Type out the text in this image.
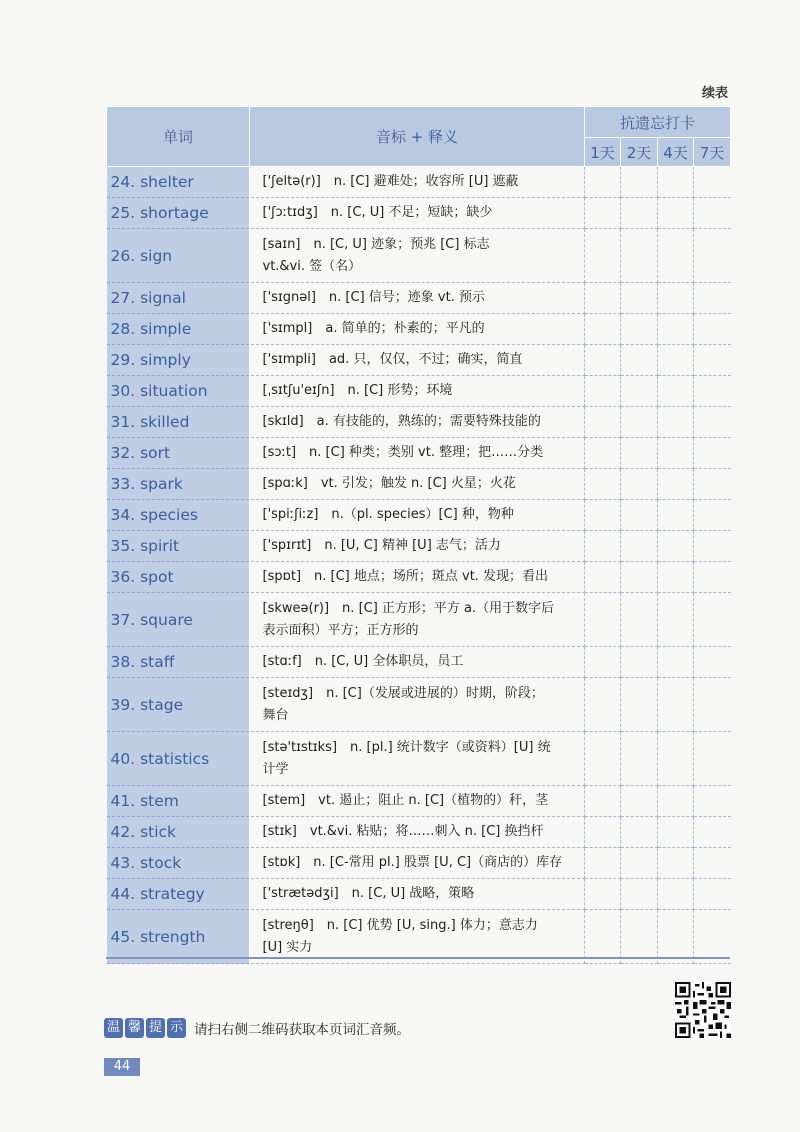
续表
单词	音标 + 释义	抗遗忘打卡			
		1天	2天	4天	7天
24. shelter	['ʃeltə(r)]　n. [C] 避难处；收容所 [U] 遮蔽				

25. shortage	['ʃɔːtɪdʒ]　n. [C, U] 不足；短缺；缺少				

26. sign	[saɪn]　n. [C, U] 迹象；预兆 [C] 标志
vt.&vi. 签（名）				

27. signal	['sɪgnəl]　n. [C] 信号；迹象 vt. 预示				

28. simple	['sɪmpl]　a. 简单的；朴素的；平凡的				

29. simply	['sɪmpli]　ad. 只，仅仅，不过；确实，简直				

30. situation	[ˌsɪtʃu'eɪʃn]　n. [C] 形势；环境				

31. skilled	[skɪld]　a. 有技能的，熟练的；需要特殊技能的				

32. sort	[sɔːt]　n. [C] 种类；类别 vt. 整理；把……分类				

33. spark	[spɑːk]　vt. 引发；触发 n. [C] 火星；火花				

34. species	['spiːʃiːz]　n.（pl. species）[C] 种，物种				

35. spirit	['spɪrɪt]　n. [U, C] 精神 [U] 志气；活力				

36. spot	[spɒt]　n. [C] 地点；场所；斑点 vt. 发现；看出				

37. square	[skweə(r)]　n. [C] 正方形；平方 a.（用于数字后
表示面积）平方；正方形的				

38. staff	[stɑːf]　n. [C, U] 全体职员，员工				

39. stage	[steɪdʒ]　n. [C]（发展或进展的）时期，阶段；
舞台				

40. statistics	[stə'tɪstɪks]　n. [pl.] 统计数字（或资料）[U] 统
计学				

41. stem	[stem]　vt. 遏止；阻止 n. [C]（植物的）秆，茎				

42. stick	[stɪk]　vt.&vi. 粘贴；将……刺入 n. [C] 换挡杆				

43. stock	[stɒk]　n. [C-常用 pl.] 股票 [U, C]（商店的）库存				

44. strategy	['strætədʒi]　n. [C, U] 战略，策略				

45. strength	[streŋθ]　n. [C] 优势 [U, sing.] 体力；意志力
[U] 实力				

温 馨 提 示 请扫右侧二维码获取本页词汇音频。
44
